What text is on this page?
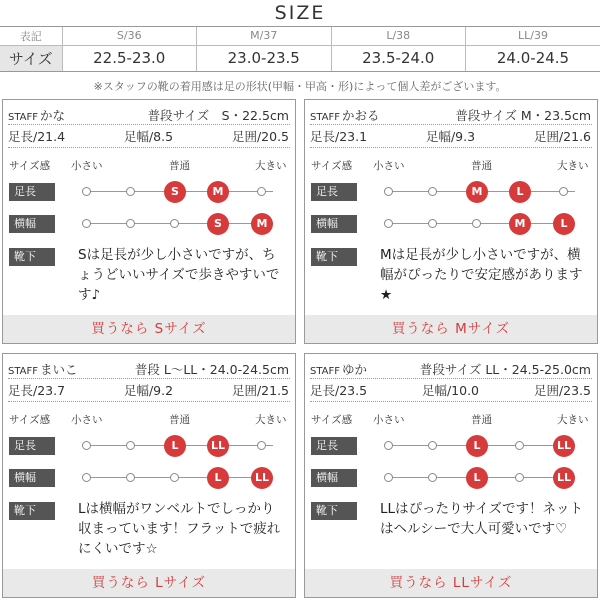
SIZE
表記	S/36	M/37	L/38	LL/39
サイズ	22.5-23.0	23.0-23.5	23.5-24.0	24.0-24.5
※スタッフの靴の着用感は足の形状(甲幅・甲高・形)によって個人差がございます。
STAFF かな	普段サイズ　S・22.5cm
足長/21.4	足幅/8.5	足囲/20.5
サイズ感 小さい	普通	大きい
足長	S	M
横幅	S	M
靴下	Sは足長が少し小さいですが、ちょうどいいサイズで歩きやすいです♪
買うなら Sサイズ
STAFF かおる	普段サイズ M・23.5cm
足長/23.1	足幅/9.3	足囲/21.6
サイズ感 小さい	普通	大きい
足長	M	L
横幅	M	L
靴下	Mは足長が少し小さいですが、横幅がぴったりで安定感があります★
買うなら Mサイズ
STAFF まいこ	普段 L〜LL・24.0-24.5cm
足長/23.7	足幅/9.2	足囲/21.5
サイズ感 小さい	普通	大きい
足長	L	LL
横幅	L	LL
靴下	Lは横幅がワンベルトでしっかり収まっています！フラットで疲れにくいです☆
買うなら Lサイズ
STAFF ゆか	普段サイズ LL・24.5-25.0cm
足長/23.5	足幅/10.0	足囲/23.5
サイズ感 小さい	普通	大きい
足長	L	LL
横幅	L	LL
靴下	LLはぴったりサイズです！ネットはヘルシーで大人可愛いです♡
買うなら LLサイズ
